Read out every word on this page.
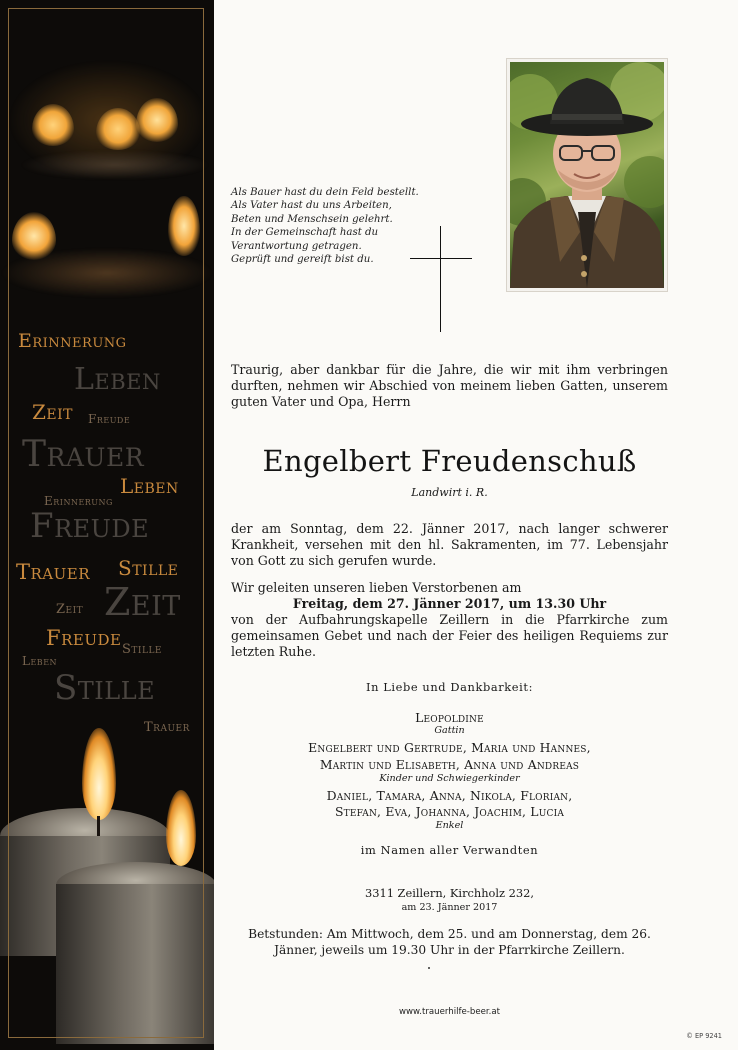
Erinnerung
Leben
Zeit Freude
Trauer
Leben
Erinnerung
Freude
Trauer Stille
Zeit
Zeit
Freude Stille
Leben
Stille
Trauer
Als Bauer hast du dein Feld bestellt.
Als Vater hast du uns Arbeiten,
Beten und Menschsein gelehrt.
In der Gemeinschaft hast du
Verantwortung getragen.
Geprüft und gereift bist du.
Traurig, aber dankbar für die Jahre, die wir mit ihm verbringen durften, nehmen wir Abschied von meinem lieben Gatten, unserem guten Vater und Opa, Herrn
Engelbert Freudenschuß
Landwirt i. R.
der am Sonntag, dem 22. Jänner 2017, nach langer schwerer Krankheit, versehen mit den hl. Sakramenten, im 77. Lebensjahr von Gott zu sich gerufen wurde.
Wir geleiten unseren lieben Verstorbenen am
Freitag, dem 27. Jänner 2017, um 13.30 Uhr
von der Aufbahrungskapelle Zeillern in die Pfarrkirche zum gemeinsamen Gebet und nach der Feier des heiligen Requiems zur letzten Ruhe.
In Liebe und Dankbarkeit:
Leopoldine
Gattin
Engelbert und Gertrude, Maria und Hannes,
Martin und Elisabeth, Anna und Andreas
Kinder und Schwiegerkinder
Daniel, Tamara, Anna, Nikola, Florian,
Stefan, Eva, Johanna, Joachim, Lucia
Enkel
im Namen aller Verwandten
3311 Zeillern, Kirchholz 232,
am 23. Jänner 2017
Betstunden: Am Mittwoch, dem 25. und am Donnerstag, dem 26. Jänner, jeweils um 19.30 Uhr in der Pfarrkirche Zeillern.
www.trauerhilfe-beer.at
© EP 9241
